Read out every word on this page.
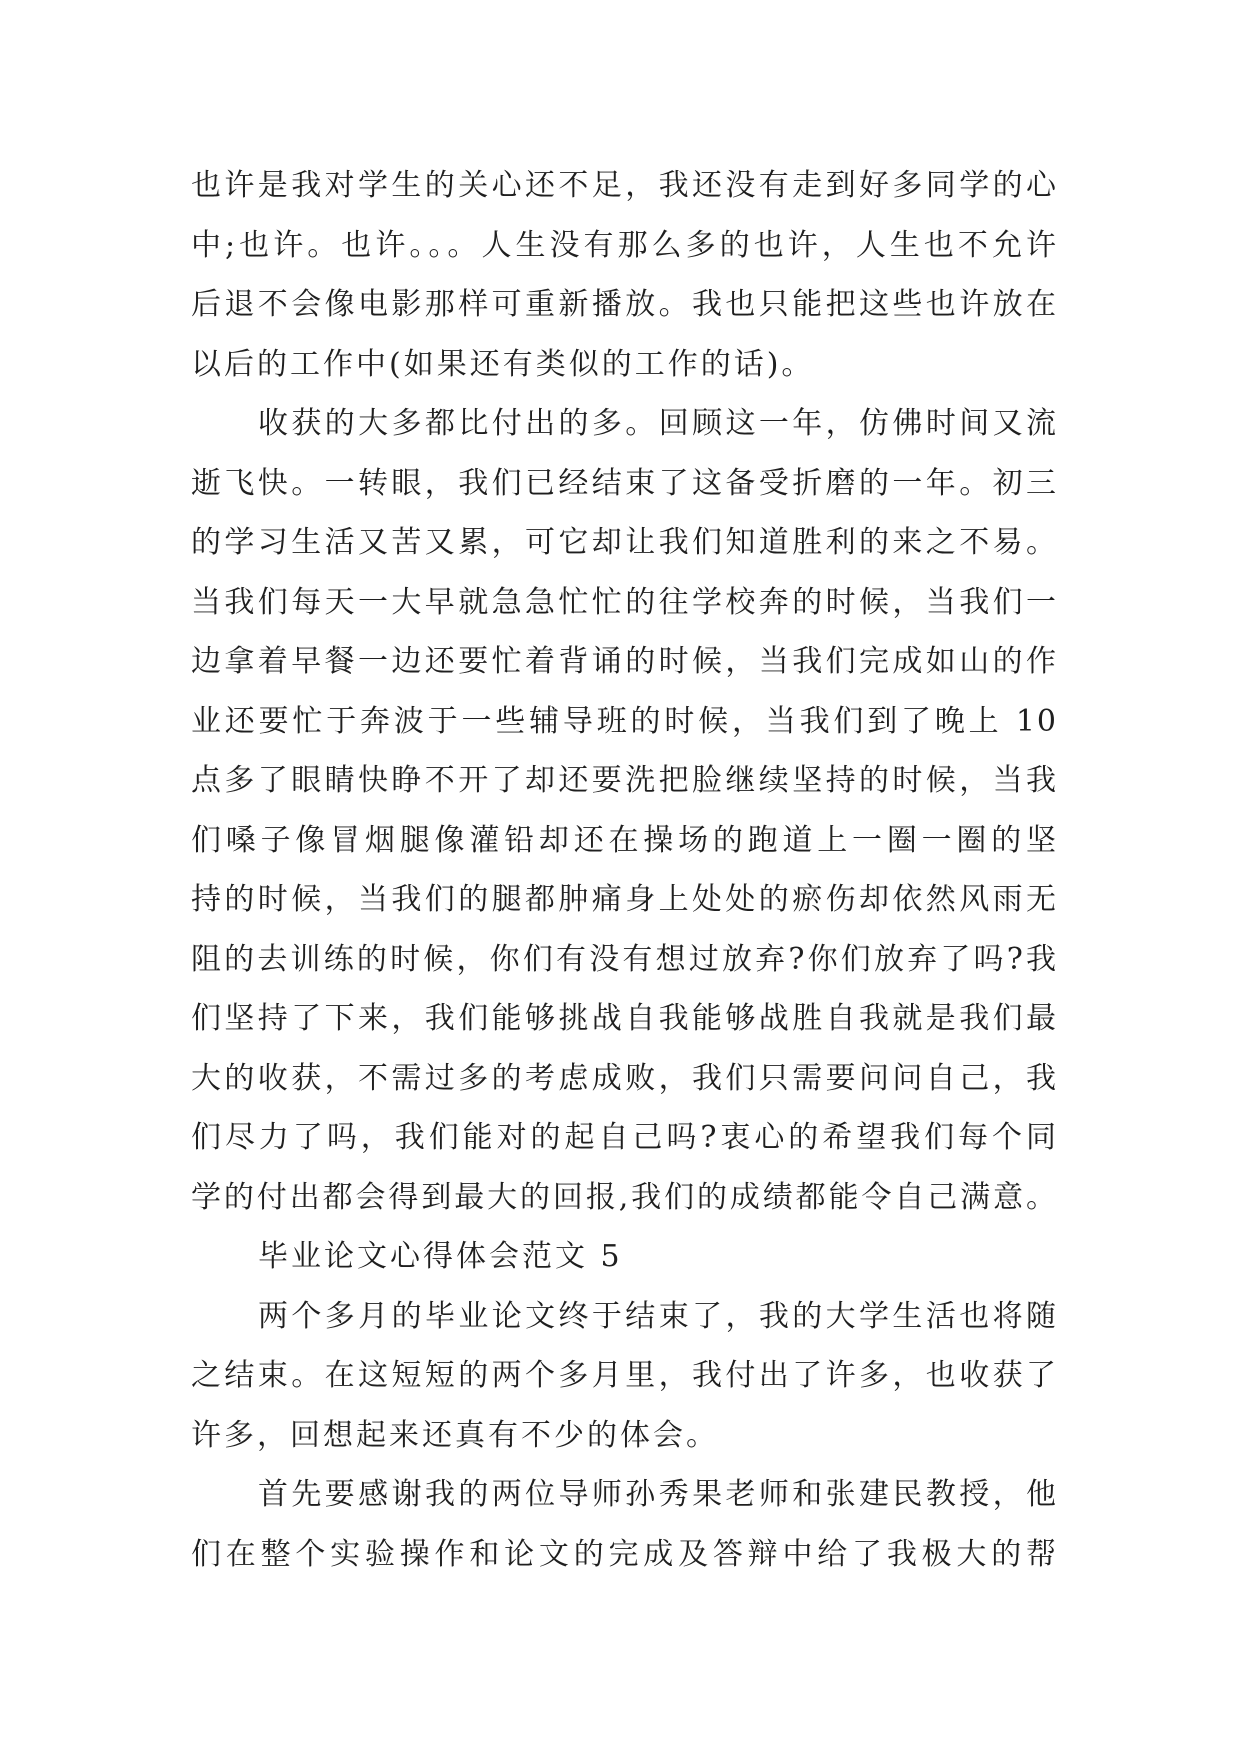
也许是我对学生的关心还不足，我还没有走到好多同学的心
中;也许。也许。。。人生没有那么多的也许，人生也不允许
后退不会像电影那样可重新播放。我也只能把这些也许放在
以后的工作中(如果还有类似的工作的话)。
收获的大多都比付出的多。回顾这一年，仿佛时间又流
逝飞快。一转眼，我们已经结束了这备受折磨的一年。初三
的学习生活又苦又累，可它却让我们知道胜利的来之不易。
当我们每天一大早就急急忙忙的往学校奔的时候，当我们一
边拿着早餐一边还要忙着背诵的时候，当我们完成如山的作
业还要忙于奔波于一些辅导班的时候，当我们到了晚上 10
点多了眼睛快睁不开了却还要洗把脸继续坚持的时候，当我
们嗓子像冒烟腿像灌铅却还在操场的跑道上一圈一圈的坚
持的时候，当我们的腿都肿痛身上处处的瘀伤却依然风雨无
阻的去训练的时候，你们有没有想过放弃?你们放弃了吗?我
们坚持了下来，我们能够挑战自我能够战胜自我就是我们最
大的收获，不需过多的考虑成败，我们只需要问问自己，我
们尽力了吗，我们能对的起自己吗?衷心的希望我们每个同
学的付出都会得到最大的回报,我们的成绩都能令自己满意。
毕业论文心得体会范文 5
两个多月的毕业论文终于结束了，我的大学生活也将随
之结束。在这短短的两个多月里，我付出了许多，也收获了
许多，回想起来还真有不少的体会。
首先要感谢我的两位导师孙秀果老师和张建民教授，他
们在整个实验操作和论文的完成及答辩中给了我极大的帮
